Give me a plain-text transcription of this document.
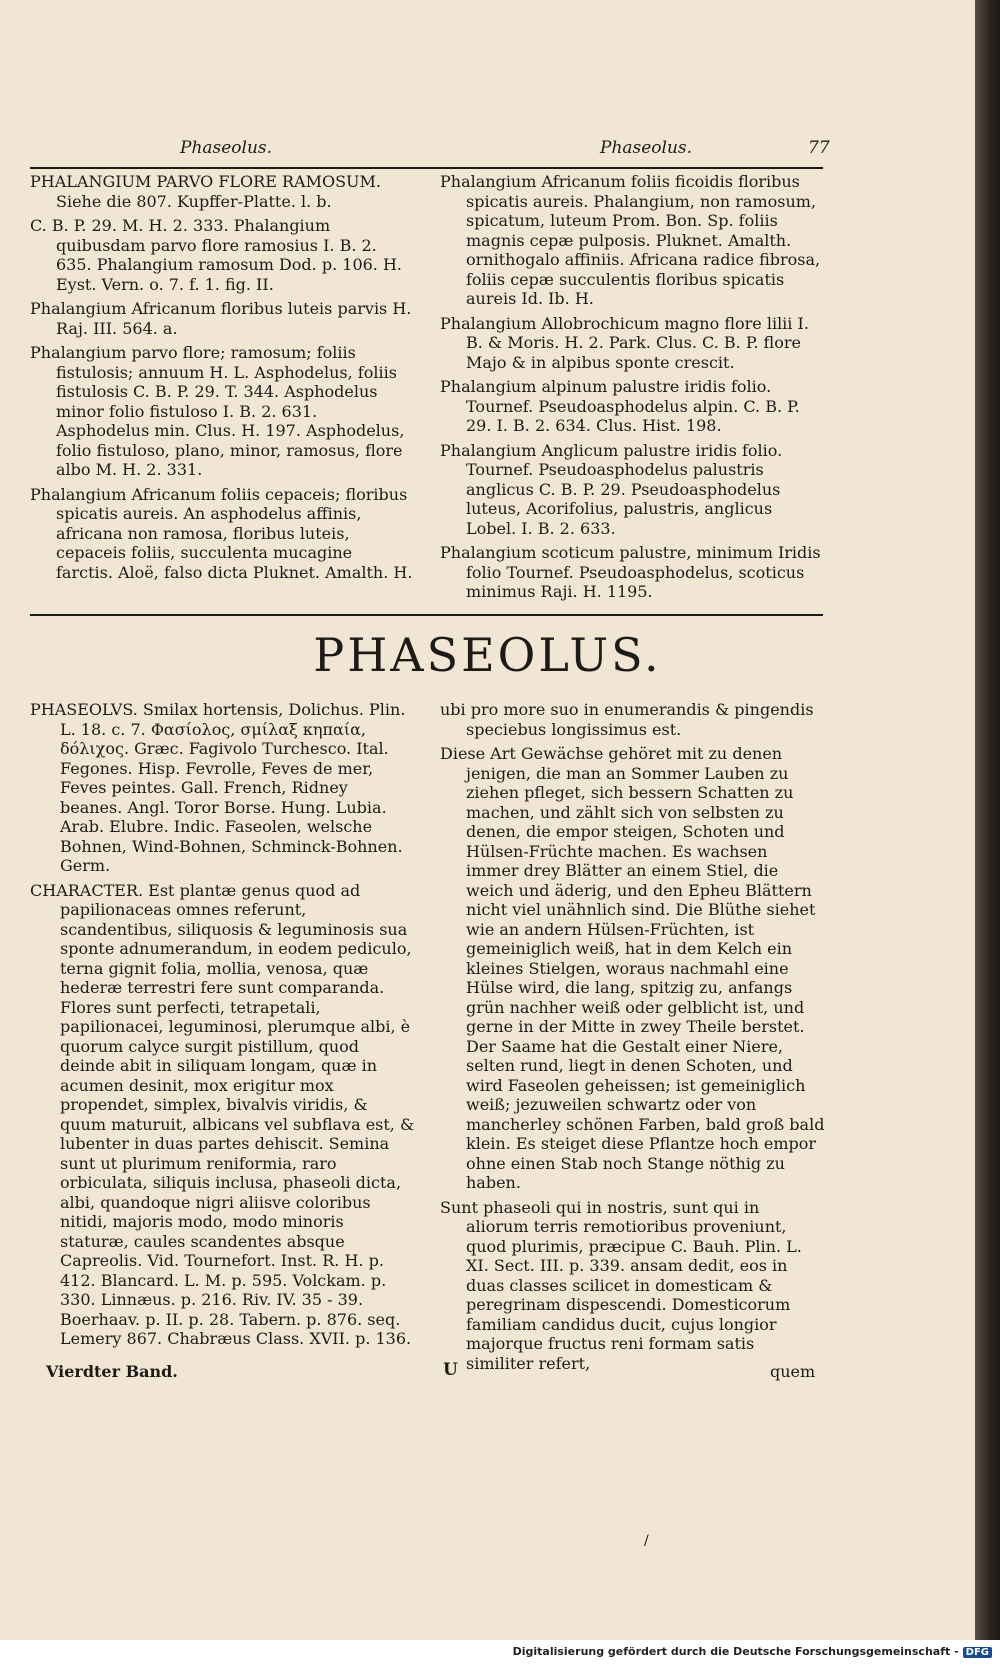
Phaseolus.	Phaseolus.	77

PHALANGIUM PARVO FLORE RAMOSUM. Siehe die 807. Kupffer-Platte. l. b.

C. B. P. 29. M. H. 2. 333. Phalangium quibusdam parvo flore ramosius I. B. 2. 635. Phalangium ramosum Dod. p. 106. H. Eyst. Vern. o. 7. f. 1. fig. II.

Phalangium Africanum floribus luteis parvis H. Raj. III. 564. a.

Phalangium parvo flore; ramosum; foliis fistulosis; annuum H. L. Asphodelus, foliis fistulosis C. B. P. 29. T. 344. Asphodelus minor folio fistuloso I. B. 2. 631. Asphodelus min. Clus. H. 197. Asphodelus, folio fistuloso, plano, minor, ramosus, flore albo M. H. 2. 331.

Phalangium Africanum foliis cepaceis; floribus spicatis aureis. An asphodelus affinis, africana non ramosa, floribus luteis, cepaceis foliis, succulenta mucagine farctis. Aloë, falso dicta Pluknet. Amalth. H.

Phalangium Africanum foliis ficoidis floribus spicatis aureis. Phalangium, non ramosum, spicatum, luteum Prom. Bon. Sp. foliis magnis cepæ pulposis. Pluknet. Amalth. ornithogalo affiniis. Africana radice fibrosa, foliis cepæ succulentis floribus spicatis aureis Id. Ib. H.

Phalangium Allobrochicum magno flore lilii I. B. & Moris. H. 2. Park. Clus. C. B. P. flore Majo & in alpibus sponte crescit.

Phalangium alpinum palustre iridis folio. Tournef. Pseudoasphodelus alpin. C. B. P. 29. I. B. 2. 634. Clus. Hist. 198.

Phalangium Anglicum palustre iridis folio. Tournef. Pseudoasphodelus palustris anglicus C. B. P. 29. Pseudoasphodelus luteus, Acorifolius, palustris, anglicus Lobel. I. B. 2. 633.

Phalangium scoticum palustre, minimum Iridis folio Tournef. Pseudoasphodelus, scoticus minimus Raji. H. 1195.

PHASEOLUS.

PHASEOLVS. Smilax hortensis, Dolichus. Plin. L. 18. c. 7. Φασίολος, σμίλαξ κηπαία, δόλιχος. Græc. Fagivolo Turchesco. Ital. Fegones. Hisp. Fevrolle, Feves de mer, Feves peintes. Gall. French, Ridney beanes. Angl. Toror Borse. Hung. Lubia. Arab. Elubre. Indic. Faseolen, welsche Bohnen, Wind-Bohnen, Schminck-Bohnen. Germ.

CHARACTER. Est plantæ genus quod ad papilionaceas omnes referunt, scandentibus, siliquosis & leguminosis sua sponte adnumerandum, in eodem pediculo, terna gignit folia, mollia, venosa, quæ hederæ terrestri fere sunt comparanda. Flores sunt perfecti, tetrapetali, papilionacei, leguminosi, plerumque albi, è quorum calyce surgit pistillum, quod deinde abit in siliquam longam, quæ in acumen desinit, mox erigitur mox propendet, simplex, bivalvis viridis, & quum maturuit, albicans vel subflava est, & lubenter in duas partes dehiscit. Semina sunt ut plurimum reniformia, raro orbiculata, siliquis inclusa, phaseoli dicta, albi, quandoque nigri aliisve coloribus nitidi, majoris modo, modo minoris staturæ, caules scandentes absque Capreolis. Vid. Tournefort. Inst. R. H. p. 412. Blancard. L. M. p. 595. Volckam. p. 330. Linnæus. p. 216. Riv. IV. 35 - 39. Boerhaav. p. II. p. 28. Tabern. p. 876. seq. Lemery 867. Chabræus Class. XVII. p. 136.

ubi pro more suo in enumerandis & pingendis speciebus longissimus est.

Diese Art Gewächse gehöret mit zu denen jenigen, die man an Sommer Lauben zu ziehen pfleget, sich bessern Schatten zu machen, und zählt sich von selbsten zu denen, die empor steigen, Schoten und Hülsen-Früchte machen. Es wachsen immer drey Blätter an einem Stiel, die weich und äderig, und den Epheu Blättern nicht viel unähnlich sind. Die Blüthe siehet wie an andern Hülsen-Früchten, ist gemeiniglich weiß, hat in dem Kelch ein kleines Stielgen, woraus nachmahl eine Hülse wird, die lang, spitzig zu, anfangs grün nachher weiß oder gelblicht ist, und gerne in der Mitte in zwey Theile berstet. Der Saame hat die Gestalt einer Niere, selten rund, liegt in denen Schoten, und wird Faseolen geheissen; ist gemeiniglich weiß; jezuweilen schwartz oder von mancherley schönen Farben, bald groß bald klein. Es steiget diese Pflantze hoch empor ohne einen Stab noch Stange nöthig zu haben.

Sunt phaseoli qui in nostris, sunt qui in aliorum terris remotioribus proveniunt, quod plurimis, præcipue C. Bauh. Plin. L. XI. Sect. III. p. 339. ansam dedit, eos in duas classes scilicet in domesticam & peregrinam dispescendi. Domesticorum familiam candidus ducit, cujus longior majorque fructus reni formam satis similiter refert,

Vierdter Band.	U	quem
/
Digitalisierung gefördert durch die Deutsche Forschungsgemeinschaft - DFG
